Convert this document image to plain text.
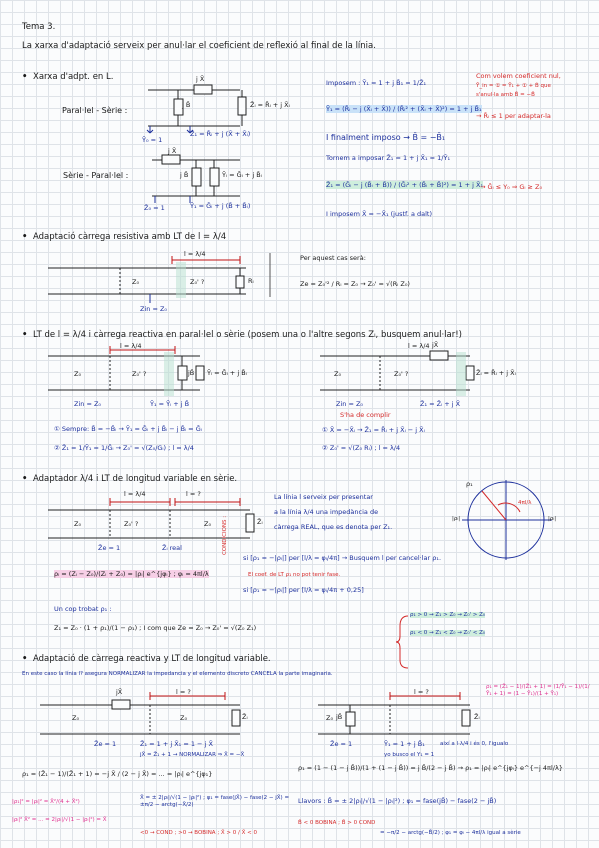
Tema 3.
La xarxa d'adaptació serveix per anul·lar el coeficient de reflexió al final de la línia.
• Xarxa d'adpt. en L.
Paral·lel - Sèrie :
Sèrie - Paral·lel :
j X̄
j B̄	Z̄ₗ = R̄ₗ + j X̄ₗ
Ȳ₀ = 1
Z̄₁ = R̄ₗ + j (X̄ + X̄ₗ)
j X̄
j B̄	Ȳₗ = Ḡₗ + j B̄ₗ
Z̄₀ = 1	Ȳ₁ = Ḡₗ + j (B̄ + B̄ₗ)
Imposem : Ȳ₁ = 1 + j B̄₁ = 1/Z̄₁
Com volem coeficient nul,
Ȳ_in = ① = Ȳ₁ + ① + Ḃ que
s'anul·la amb B̄ = −B̄
Ȳ₁ = (R̄ₗ − j (X̄ₗ + X̄)) / (R̄ₗ² + (X̄ₗ + X̄)²) = 1 + j B̄₁
→ R̄ₗ ≤ 1 per adaptar-la
I finalment imposo → B̄ = −B̄₁
Tornem a imposar Z̄₁ = 1 + j X̄₁ = 1/Ȳ₁
Z̄₁ = (Ḡₗ − j (B̄ₗ + B̄)) / (Ḡₗ² + (B̄ₗ + B̄)²) = 1 + j X̄₁
→ Ḡₗ ≤ Y₀ ⇒ Gₗ ≥ Z₀
I imposem X̄ = −X̄₁ (justf. a dalt)
• Adaptació càrrega resistiva amb LT de l = λ/4
l = λ/4
Z₀	Z₀' ?	Rₗ
Zin = Z₀
Per aquest cas serà:
Ze = Z₀'² / Rₗ = Z₀ → Z₀' = √(Rₗ Z₀)
• LT de l = λ/4 i càrrega reactiva en paral·lel o sèrie (posem una o l'altre segons Zₗ, busquem anul·lar!)
l = λ/4
Z₀	Z₀' ?	jB̄ Ȳₗ = Ḡₗ + j B̄ₗ
Zin = Z₀	Ȳ₁ = Ȳₗ + j B̄
l = λ/4 jX̄
Z₀	Z₀' ?	Z̄ₗ = R̄ₗ + j X̄ₗ
Zin = Z₀	Z̄₁ = Z̄ₗ + j X̄
① Sempre: B̄ = −B̄ₗ → Ȳ₁ = Ḡₗ + j B̄ₗ − j B̄ₗ = Ḡₗ
② Z̄₁ = 1/Ȳ₁ = 1/Ḡₗ → Z₀' = √(Z₀/Gₗ) ; l = λ/4
S'ha de complir
① X̄ = −X̄ₗ → Z̄₁ = R̄ₗ + j X̄ₗ − j X̄ₗ
② Z₀' = √(Z₀ Rₗ) ; l = λ/4
• Adaptador λ/4 i LT de longitud variable en sèrie.
l = λ/4	l = ?
Z₀	Z₀' ?	Z₀	Z̄ₗ
Z̄e = 1	Z̄ₗ real
La línia l serveix per presentar
a la línia λ/4 una impedància de
càrrega REAL, que es denota per Z₁.
ρ₁
|ρₗ|	|ρₗ|
4πl/λ
ρₗ = (Zₗ − Z₀)/(Zₗ + Z₀) = |ρₗ| e^{jφₗ} ; φₗ = 4πl/λ
CONDICIONS :
si [ρ₁ = −|ρₗ|] per [l/λ = φₗ/4π] → Busquem l per cancel·lar ρ₁.
El coef. de LT ρ₁ no pot tenir fase.
si [ρ₁ = −|ρₗ|] per [l/λ = φₗ/4π + 0,25]
Un cop trobat ρ₁ :
Z₁ = Z₀ · (1 + ρ₁)/(1 − ρ₁) ; I com que Ze = Z₀ → Z₀' = √(Z₀ Z₁)
ρ₁ > 0 → Z₁ > Z₀ → Z₀' > Z₀
ρ₁ < 0 → Z₁ < Z₀ → Z₀' < Z₀
• Adaptació de càrrega reactiva y LT de longitud variable.
En este caso la línia l? asegura NORMALIZAR la impedancia y el elemento discreto CANCELA la parte imaginaria.
jX̄	l = ?
Z₀	Z₀	Z̄ₗ
Z̄e = 1	Z̄₁ = 1 + j X̄₁ = 1 − j X̄
jX̄ = Z̄₁ + 1 → NORMALIZAR ⇒ X̄ = −X̄
jB̄
l = ?
Z₀	Z̄ₗ
Z̄e = 1	Ȳ₁ = 1 + j B̄₁
yo busco el Y₁ = 1
així a l·λ/4 i és 0, l'igualo
ρ₁ = (Z̄₁ − 1)/(Z̄₁ + 1) = (1/Ȳ₁ − 1)/(1/Ȳ₁ + 1) = (1 − Ȳ₁)/(1 + Ȳ₁)
ρ₁ = (Z̄₁ − 1)/(Z̄₁ + 1) = −j X̄ / (2 − j X̄) = ... = |ρₗ| e^{jφ₁}
ρ₁ = (1 − (1 − j B̄))/(1 + (1 − j B̄)) = j B̄/(2 − j B̄) → ρ₁ = |ρₗ| e^{jφₗ} e^{−j 4πl/λ}
|ρ₁|² = |ρₗ|² = X̄²/(4 + X̄²)
|ρₗ|² X̄² = ... = 2|ρₗ|/√(1 − |ρₗ|²) = X̄
X̄ = ± 2|ρₗ|/√(1 − |ρₗ|²) ; φ₁ = fase(jX̄) − fase(2 − jX̄) = ±π/2 − arctg(−X̄/2)
<0 → COND ; >0 → BOBINA ; X̄ > 0 / X̄ < 0
Llavors : B̄ = ± 2|ρₗ|/√(1 − |ρₗ|²) ; φ₁ = fase(jB̄) − fase(2 − jB̄)
B̄ < 0 BOBINA ; B̄ > 0 COND
= −π/2 − arctg(−B̄/2) ; φ₁ = φₗ − 4πl/λ igual a sèrie
